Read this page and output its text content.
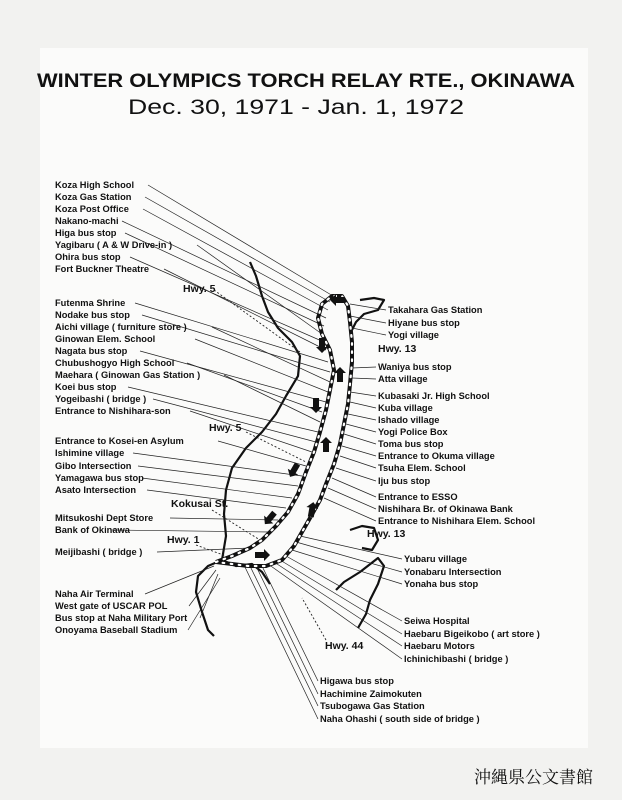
WINTER OLYMPICS TORCH RELAY RTE., OKINAWA
Dec. 30, 1971 - Jan. 1, 1972
Koza High School
Koza Gas Station
Koza Post Office
Nakano-machi
Higa bus stop
Yagibaru ( A & W Drive-in )
Ohira bus stop
Fort Buckner Theatre
Futenma Shrine
Nodake bus stop
Aichi village ( furniture store )
Ginowan Elem. School
Nagata bus stop
Chubushogyo High School
Maehara ( Ginowan Gas Station )
Koei bus stop
Yogeibashi ( bridge )
Entrance to Nishihara-son
Entrance to Kosei-en Asylum
Ishimine village
Gibo Intersection
Yamagawa bus stop
Asato Intersection
Mitsukoshi Dept Store
Bank of Okinawa
Meijibashi ( bridge )
Naha Air Terminal
West gate of USCAR POL
Bus stop at Naha Military Port
Onoyama Baseball Stadium
Takahara Gas Station
Hiyane bus stop
Yogi village
Waniya bus stop
Atta village
Kubasaki Jr. High School
Kuba village
Ishado village
Yogi Police Box
Toma bus stop
Entrance to Okuma village
Tsuha Elem. School
Iju bus stop
Entrance to ESSO
Nishihara Br. of Okinawa Bank
Entrance to Nishihara Elem. School
Yubaru village
Yonabaru Intersection
Yonaha bus stop
Seiwa Hospital
Haebaru Bigeikobo ( art store )
Haebaru Motors
Ichinichibashi ( bridge )
Higawa bus stop
Hachimine Zaimokuten
Tsubogawa Gas Station
Naha Ohashi ( south side of bridge )
Hwy. 5
Hwy. 5
Hwy. 13
Hwy. 13
Hwy. 1
Hwy. 44
Kokusai St.
沖縄県公文書館
